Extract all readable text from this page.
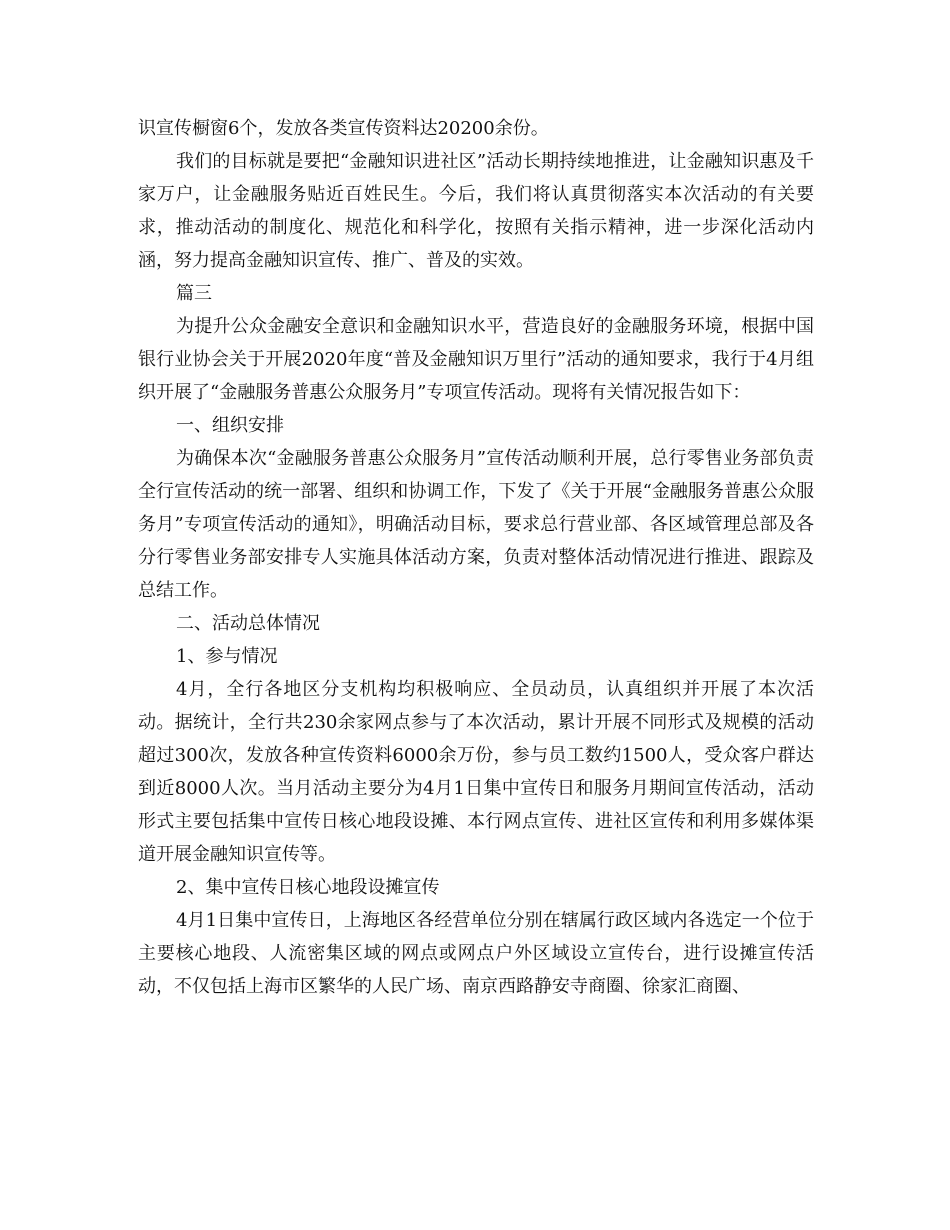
识宣传橱窗6个，发放各类宣传资料达20200余份。

我们的目标就是要把“金融知识进社区”活动长期持续地推进，让金融知识惠及千家万户，让金融服务贴近百姓民生。今后，我们将认真贯彻落实本次活动的有关要求，推动活动的制度化、规范化和科学化，按照有关指示精神，进一步深化活动内涵，努力提高金融知识宣传、推广、普及的实效。

篇三

为提升公众金融安全意识和金融知识水平，营造良好的金融服务环境，根据中国银行业协会关于开展2020年度“普及金融知识万里行”活动的通知要求，我行于4月组织开展了“金融服务普惠公众服务月”专项宣传活动。现将有关情况报告如下：

一、组织安排

为确保本次“金融服务普惠公众服务月”宣传活动顺利开展，总行零售业务部负责全行宣传活动的统一部署、组织和协调工作，下发了《关于开展“金融服务普惠公众服务月”专项宣传活动的通知》，明确活动目标，要求总行营业部、各区域管理总部及各分行零售业务部安排专人实施具体活动方案，负责对整体活动情况进行推进、跟踪及总结工作。

二、活动总体情况

1、参与情况

4月，全行各地区分支机构均积极响应、全员动员，认真组织并开展了本次活动。据统计，全行共230余家网点参与了本次活动，累计开展不同形式及规模的活动超过300次，发放各种宣传资料6000余万份，参与员工数约1500人，受众客户群达到近8000人次。当月活动主要分为4月1日集中宣传日和服务月期间宣传活动，活动形式主要包括集中宣传日核心地段设摊、本行网点宣传、进社区宣传和利用多媒体渠道开展金融知识宣传等。

2、集中宣传日核心地段设摊宣传

4月1日集中宣传日，上海地区各经营单位分别在辖属行政区域内各选定一个位于主要核心地段、人流密集区域的网点或网点户外区域设立宣传台，进行设摊宣传活动，不仅包括上海市区繁华的人民广场、南京西路静安寺商圈、徐家汇商圈、
